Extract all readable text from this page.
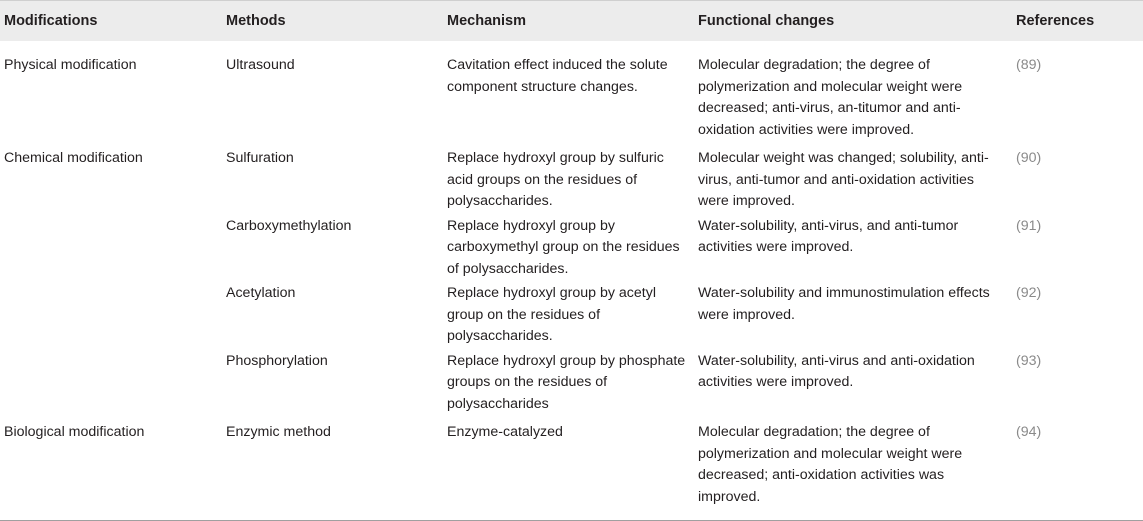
Modifications	Methods	Mechanism	Functional changes	References
Physical modification	Ultrasound	Cavitation effect induced the solute component structure changes.	Molecular degradation; the degree of polymerization and molecular weight were decreased; anti-virus, an-titumor and anti-oxidation activities were improved.	(89)
Chemical modification	Sulfuration	Replace hydroxyl group by sulfuric acid groups on the residues of polysaccharides.	Molecular weight was changed; solubility, anti-virus, anti-tumor and anti-oxidation activities were improved.	(90)
	Carboxymethylation	Replace hydroxyl group by carboxymethyl group on the residues of polysaccharides.	Water-solubility, anti-virus, and anti-tumor activities were improved.	(91)
	Acetylation	Replace hydroxyl group by acetyl group on the residues of polysaccharides.	Water-solubility and immunostimulation effects were improved.	(92)
	Phosphorylation	Replace hydroxyl group by phosphate groups on the residues of polysaccharides	Water-solubility, anti-virus and anti-oxidation activities were improved.	(93)
Biological modification	Enzymic method	Enzyme-catalyzed	Molecular degradation; the degree of polymerization and molecular weight were decreased; anti-oxidation activities was improved.	(94)
